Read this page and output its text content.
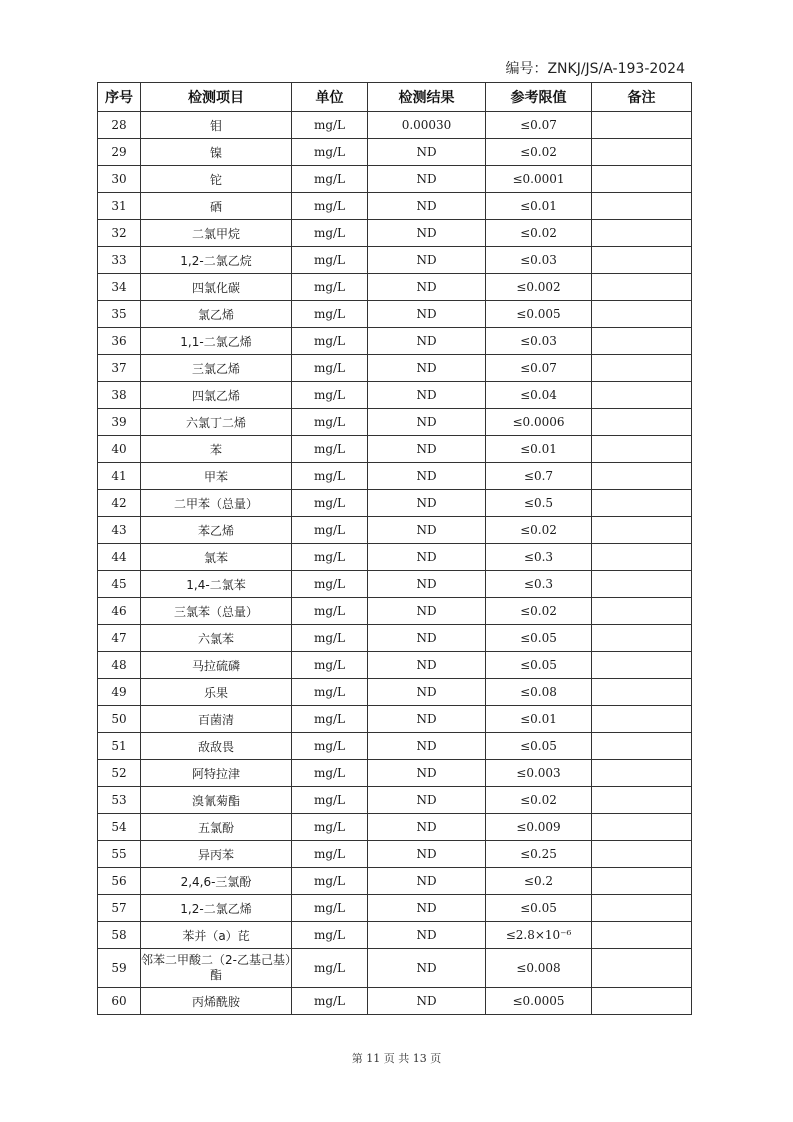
编号：ZNKJ/JS/A-193-2024
序号	检测项目	单位	检测结果	参考限值	备注
28	钼	mg/L	0.00030	≤0.07	
29	镍	mg/L	ND	≤0.02	
30	铊	mg/L	ND	≤0.0001	
31	硒	mg/L	ND	≤0.01	
32	二氯甲烷	mg/L	ND	≤0.02	
33	1,2-二氯乙烷	mg/L	ND	≤0.03	
34	四氯化碳	mg/L	ND	≤0.002	
35	氯乙烯	mg/L	ND	≤0.005	
36	1,1-二氯乙烯	mg/L	ND	≤0.03	
37	三氯乙烯	mg/L	ND	≤0.07	
38	四氯乙烯	mg/L	ND	≤0.04	
39	六氯丁二烯	mg/L	ND	≤0.0006	
40	苯	mg/L	ND	≤0.01	
41	甲苯	mg/L	ND	≤0.7	
42	二甲苯（总量）	mg/L	ND	≤0.5	
43	苯乙烯	mg/L	ND	≤0.02	
44	氯苯	mg/L	ND	≤0.3	
45	1,4-二氯苯	mg/L	ND	≤0.3	
46	三氯苯（总量）	mg/L	ND	≤0.02	
47	六氯苯	mg/L	ND	≤0.05	
48	马拉硫磷	mg/L	ND	≤0.05	
49	乐果	mg/L	ND	≤0.08	
50	百菌清	mg/L	ND	≤0.01	
51	敌敌畏	mg/L	ND	≤0.05	
52	阿特拉津	mg/L	ND	≤0.003	
53	溴氰菊酯	mg/L	ND	≤0.02	
54	五氯酚	mg/L	ND	≤0.009	
55	异丙苯	mg/L	ND	≤0.25	
56	2,4,6-三氯酚	mg/L	ND	≤0.2	
57	1,2-二氯乙烯	mg/L	ND	≤0.05	
58	苯并（a）芘	mg/L	ND	≤2.8×10⁻⁶	
59	邻苯二甲酸二（2-乙基己基）酯	mg/L	ND	≤0.008	
60	丙烯酰胺	mg/L	ND	≤0.0005	
第 11 页 共 13 页
